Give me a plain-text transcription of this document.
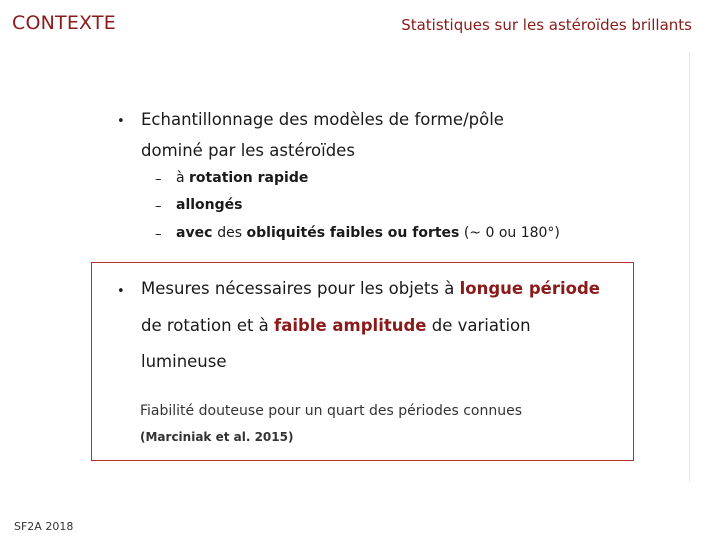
CONTEXTE	Statistiques sur les astéroïdes brillants
• Echantillonnage des modèles de forme/pôle
dominé par les astéroïdes
– à rotation rapide
– allongés
– avec des obliquités faibles ou fortes (~ 0 ou 180°)
• Mesures nécessaires pour les objets à longue période
de rotation et à faible amplitude de variation
lumineuse
Fiabilité douteuse pour un quart des périodes connues
(Marciniak et al. 2015)
SF2A 2018
